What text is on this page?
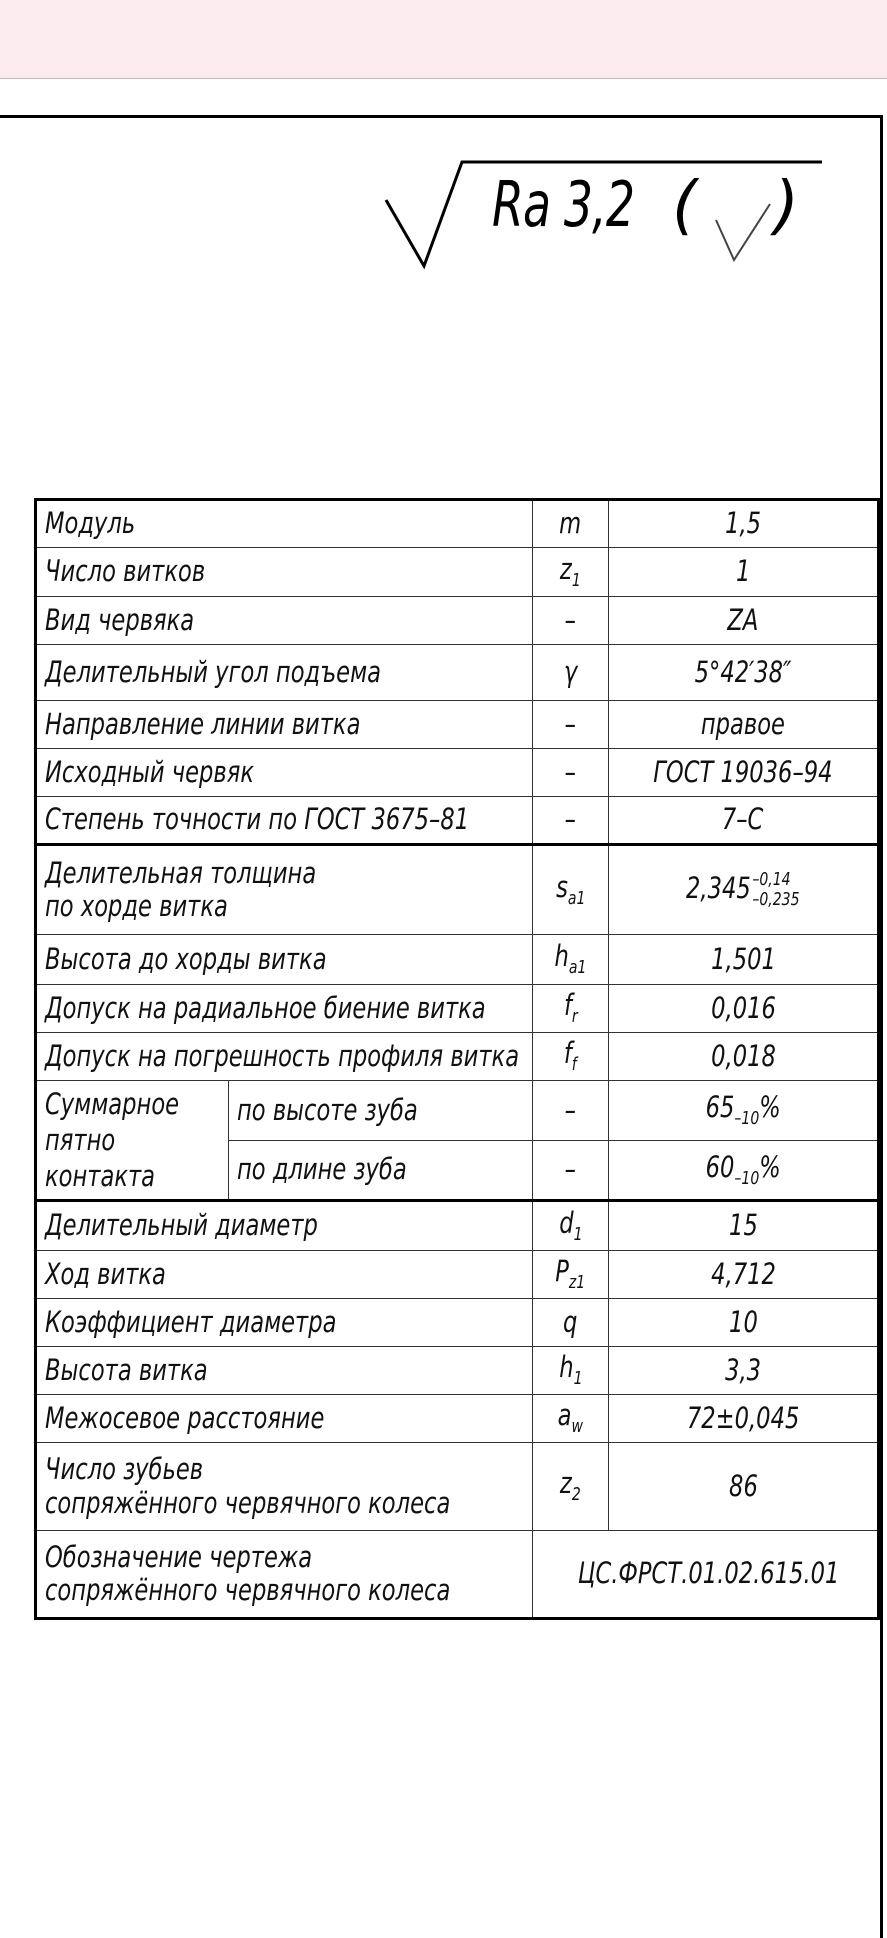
Ra 3,2 ( )
Модуль		m	1,5
Число витков		$z_1$	1
Вид червяка		–	ZA
Делительный угол подъема		γ	5°42′38″
Направление линии витка		–	правое
Исходный червяк		–	ГОСТ 19036–94
Степень точности по ГОСТ 3675–81		–	7–С
Делительная толщина
по хорде витка		$s_{a1}$	2,345 –0,14
–0,235

Высота до хорды витка		$h_{a1}$	1,501
Допуск на радиальное биение витка		$f_r$	0,016
Допуск на погрешность профиля витка		$f_f$	0,018
Суммарное
пятно
контакта	по высоте зуба	–	$65_{-10}\%$
	по длине зуба	–	$60_{-10}\%$
Делительный диаметр		$d_1$	15
Ход витка		$P_{z1}$	4,712
Коэффициент диаметра		q	10
Высота витка		$h_1$	3,3
Межосевое расстояние		$a_w$	72±0,045
Число зубьев
сопряжённого червячного колеса		$z_2$	86
Обозначение чертежа
сопряжённого червячного колеса		ЦС.ФРСТ.01.02.615.01	
